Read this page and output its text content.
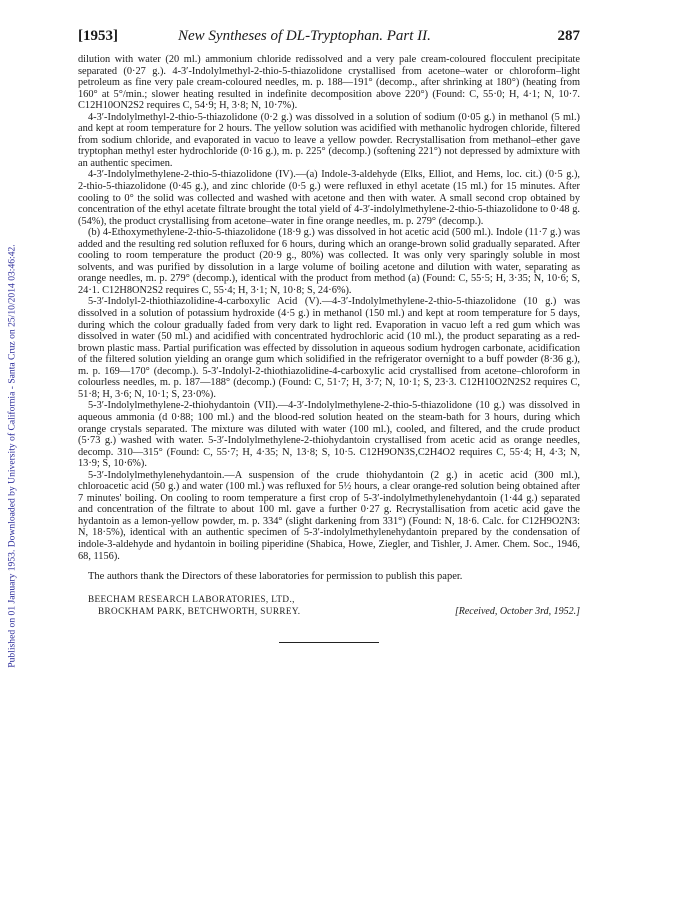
Published on 01 January 1953. Downloaded by University of California - Santa Cruz on 25/10/2014 03:46:42.
[1953]	New Syntheses of DL-Tryptophan. Part II.	287

dilution with water (20 ml.) ammonium chloride redissolved and a very pale cream-coloured flocculent precipitate separated (0·27 g.). 4-3′-Indolylmethyl-2-thio-5-thiazolidone crystallised from acetone–water or chloroform–light petroleum as fine very pale cream-coloured needles, m. p. 188—191° (decomp., after shrinking at 180°) (heating from 160° at 5°/min.; slower heating resulted in indefinite decomposition above 220°) (Found: C, 55·0; H, 4·1; N, 10·7. C12H10ON2S2 requires C, 54·9; H, 3·8; N, 10·7%).

4-3′-Indolylmethyl-2-thio-5-thiazolidone (0·2 g.) was dissolved in a solution of sodium (0·05 g.) in methanol (5 ml.) and kept at room temperature for 2 hours. The yellow solution was acidified with methanolic hydrogen chloride, filtered from sodium chloride, and evaporated in vacuo to leave a yellow powder. Recrystallisation from methanol–ether gave tryptophan methyl ester hydrochloride (0·16 g.), m. p. 225° (decomp.) (softening 221°) not depressed by admixture with an authentic specimen.

4-3′-Indolylmethylene-2-thio-5-thiazolidone (IV).—(a) Indole-3-aldehyde (Elks, Elliot, and Hems, loc. cit.) (0·5 g.), 2-thio-5-thiazolidone (0·45 g.), and zinc chloride (0·5 g.) were refluxed in ethyl acetate (15 ml.) for 15 minutes. After cooling to 0° the solid was collected and washed with acetone and then with water. A small second crop obtained by concentration of the ethyl acetate filtrate brought the total yield of 4-3′-indolylmethylene-2-thio-5-thiazolidone to 0·48 g. (54%), the product crystallising from acetone–water in fine orange needles, m. p. 279° (decomp.).

(b) 4-Ethoxymethylene-2-thio-5-thiazolidone (18·9 g.) was dissolved in hot acetic acid (500 ml.). Indole (11·7 g.) was added and the resulting red solution refluxed for 6 hours, during which an orange-brown solid gradually separated. After cooling to room temperature the product (20·9 g., 80%) was collected. It was only very sparingly soluble in most solvents, and was purified by dissolution in a large volume of boiling acetone and dilution with water, separating as orange needles, m. p. 279° (decomp.), identical with the product from method (a) (Found: C, 55·5; H, 3·35; N, 10·6; S, 24·1. C12H8ON2S2 requires C, 55·4; H, 3·1; N, 10·8; S, 24·6%).

5-3′-Indolyl-2-thiothiazolidine-4-carboxylic Acid (V).—4-3′-Indolylmethylene-2-thio-5-thiazolidone (10 g.) was dissolved in a solution of potassium hydroxide (4·5 g.) in methanol (150 ml.) and kept at room temperature for 5 days, during which the colour gradually faded from very dark to light red. Evaporation in vacuo left a red gum which was dissolved in water (50 ml.) and acidified with concentrated hydrochloric acid (10 ml.), the product separating as a red-brown plastic mass. Partial purification was effected by dissolution in aqueous sodium hydrogen carbonate, acidification of the filtered solution yielding an orange gum which solidified in the refrigerator overnight to a buff powder (8·36 g.), m. p. 169—170° (decomp.). 5-3′-Indolyl-2-thiothiazolidine-4-carboxylic acid crystallised from acetone–chloroform in colourless needles, m. p. 187—188° (decomp.) (Found: C, 51·7; H, 3·7; N, 10·1; S, 23·3. C12H10O2N2S2 requires C, 51·8; H, 3·6; N, 10·1; S, 23·0%).

5-3′-Indolylmethylene-2-thiohydantoin (VII).—4-3′-Indolylmethylene-2-thio-5-thiazolidone (10 g.) was dissolved in aqueous ammonia (d 0·88; 100 ml.) and the blood-red solution heated on the steam-bath for 3 hours, during which orange crystals separated. The mixture was diluted with water (100 ml.), cooled, and filtered, and the crude product (5·73 g.) washed with water. 5-3′-Indolylmethylene-2-thiohydantoin crystallised from acetic acid as orange needles, decomp. 310—315° (Found: C, 55·7; H, 4·35; N, 13·8; S, 10·5. C12H9ON3S,C2H4O2 requires C, 55·4; H, 4·3; N, 13·9; S, 10·6%).

5-3′-Indolylmethylenehydantoin.—A suspension of the crude thiohydantoin (2 g.) in acetic acid (300 ml.), chloroacetic acid (50 g.) and water (100 ml.) was refluxed for 5½ hours, a clear orange-red solution being obtained after 7 minutes' boiling. On cooling to room temperature a first crop of 5-3′-indolylmethylenehydantoin (1·44 g.) separated and concentration of the filtrate to about 100 ml. gave a further 0·27 g. Recrystallisation from acetic acid gave the hydantoin as a lemon-yellow powder, m. p. 334° (slight darkening from 331°) (Found: N, 18·6. Calc. for C12H9O2N3: N, 18·5%), identical with an authentic specimen of 5-3′-indolylmethylenehydantoin prepared by the condensation of indole-3-aldehyde and hydantoin in boiling piperidine (Shabica, Howe, Ziegler, and Tishler, J. Amer. Chem. Soc., 1946, 68, 1156).

The authors thank the Directors of these laboratories for permission to publish this paper.

BEECHAM RESEARCH LABORATORIES, LTD.,
BROCKHAM PARK, BETCHWORTH, SURREY.	[Received, October 3rd, 1952.]
